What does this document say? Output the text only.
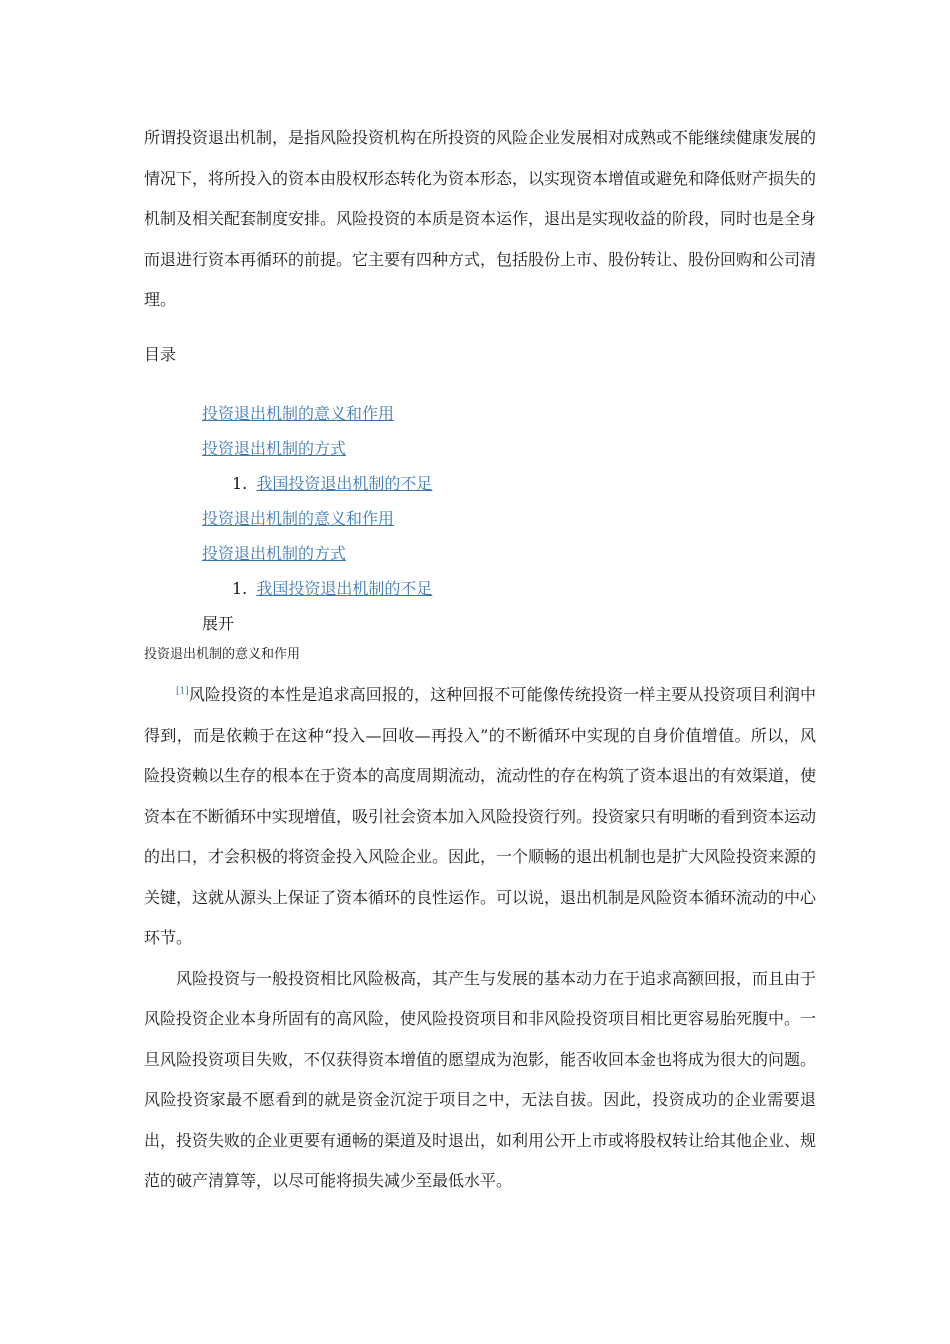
所谓投资退出机制，是指风险投资机构在所投资的风险企业发展相对成熟或不能继续健康发展的情况下，将所投入的资本由股权形态转化为资本形态，以实现资本增值或避免和降低财产损失的机制及相关配套制度安排。风险投资的本质是资本运作，退出是实现收益的阶段，同时也是全身而退进行资本再循环的前提。它主要有四种方式，包括股份上市、股份转让、股份回购和公司清理。

目录

投资退出机制的意义和作用
投资退出机制的方式
1. 我国投资退出机制的不足
投资退出机制的意义和作用
投资退出机制的方式
1. 我国投资退出机制的不足
展开

投资退出机制的意义和作用

[1]风险投资的本性是追求高回报的，这种回报不可能像传统投资一样主要从投资项目利润中得到，而是依赖于在这种“投入—回收—再投入”的不断循环中实现的自身价值增值。所以，风险投资赖以生存的根本在于资本的高度周期流动，流动性的存在构筑了资本退出的有效渠道，使资本在不断循环中实现增值，吸引社会资本加入风险投资行列。投资家只有明晰的看到资本运动的出口，才会积极的将资金投入风险企业。因此，一个顺畅的退出机制也是扩大风险投资来源的关键，这就从源头上保证了资本循环的良性运作。可以说，退出机制是风险资本循环流动的中心环节。

风险投资与一般投资相比风险极高，其产生与发展的基本动力在于追求高额回报，而且由于风险投资企业本身所固有的高风险，使风险投资项目和非风险投资项目相比更容易胎死腹中。一旦风险投资项目失败，不仅获得资本增值的愿望成为泡影，能否收回本金也将成为很大的问题。风险投资家最不愿看到的就是资金沉淀于项目之中，无法自拔。因此，投资成功的企业需要退出，投资失败的企业更要有通畅的渠道及时退出，如利用公开上市或将股权转让给其他企业、规范的破产清算等，以尽可能将损失减少至最低水平。
